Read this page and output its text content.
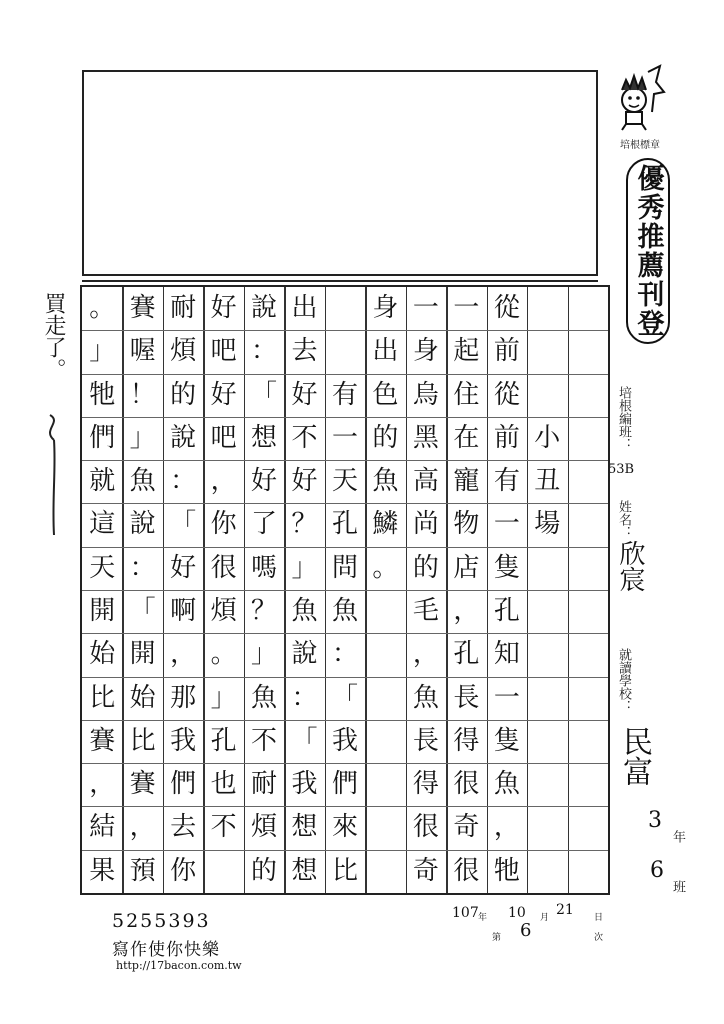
買走了。
培根標章
優秀推薦刊登
培根編班：
53B
姓名：
欣宸
就讀學校：
民富
3
年
6
班
小
丑
場
從
前
從
前
有
一
隻
孔
知
一
隻
魚
，
牠
一
起
住
在
寵
物
店
，
孔
長
得
很
奇
很
一
身
烏
黑
高
尚
的
毛
，
魚
長
得
很
奇
身
出
色
的
魚
鱗
。
有
一
天
孔
問
魚
：
「
我
們
來
比
出
去
好
不
好
？
」
魚
說
：
「
我
想
想
說
：
「
想
好
了
嗎
？
」
魚
不
耐
煩
的
好
吧
好
吧
，
你
很
煩
。
」
孔
也
不
耐
煩
的
說
：
「
好
啊
，
那
我
們
去
你
賽
喔
！
」
魚
說
：
「
開
始
比
賽
，
預
。
」
牠
們
就
這
天
開
始
比
賽
，
結
果
107 年 10 月 21 日
第 6	次
5255393
寫作使你快樂
http://17bacon.com.tw
